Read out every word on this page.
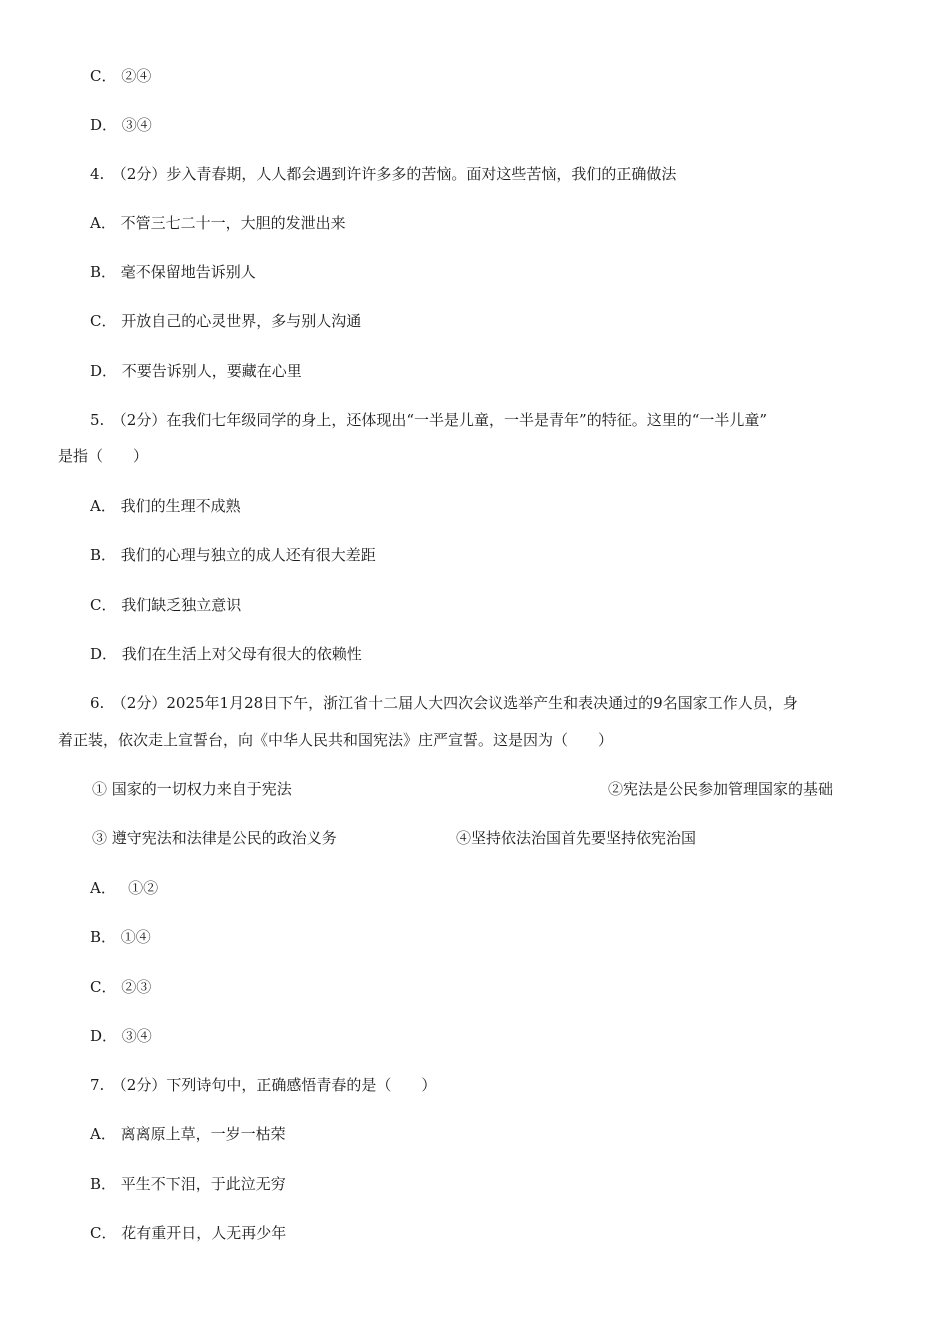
C． ②④
D． ③④
4.　（2分）步入青春期，人人都会遇到许许多多的苦恼。面对这些苦恼，我们的正确做法
A． 不管三七二十一，大胆的发泄出来
B． 毫不保留地告诉别人
C． 开放自己的心灵世界，多与别人沟通
D． 不要告诉别人，要藏在心里
5.　（2分）在我们七年级同学的身上，还体现出“一半是儿童，一半是青年”的特征。这里的“一半儿童”
是指（　　）
A． 我们的生理不成熟
B． 我们的心理与独立的成人还有很大差距
C． 我们缺乏独立意识
D． 我们在生活上对父母有很大的依赖性
6.　（2分）2025年1月28日下午，浙江省十二届人大四次会议选举产生和表决通过的9名国家工作人员，身
着正装，依次走上宣誓台，向《中华人民共和国宪法》庄严宣誓。这是因为（　　）
① 国家的一切权力来自于宪法	②宪法是公民参加管理国家的基础
③ 遵守宪法和法律是公民的政治义务	④坚持依法治国首先要坚持依宪治国
A．　 ①②
B． ①④
C． ②③
D． ③④
7.　（2分）下列诗句中，正确感悟青春的是（　　）
A． 离离原上草，一岁一枯荣
B． 平生不下泪，于此泣无穷
C． 花有重开日，人无再少年
